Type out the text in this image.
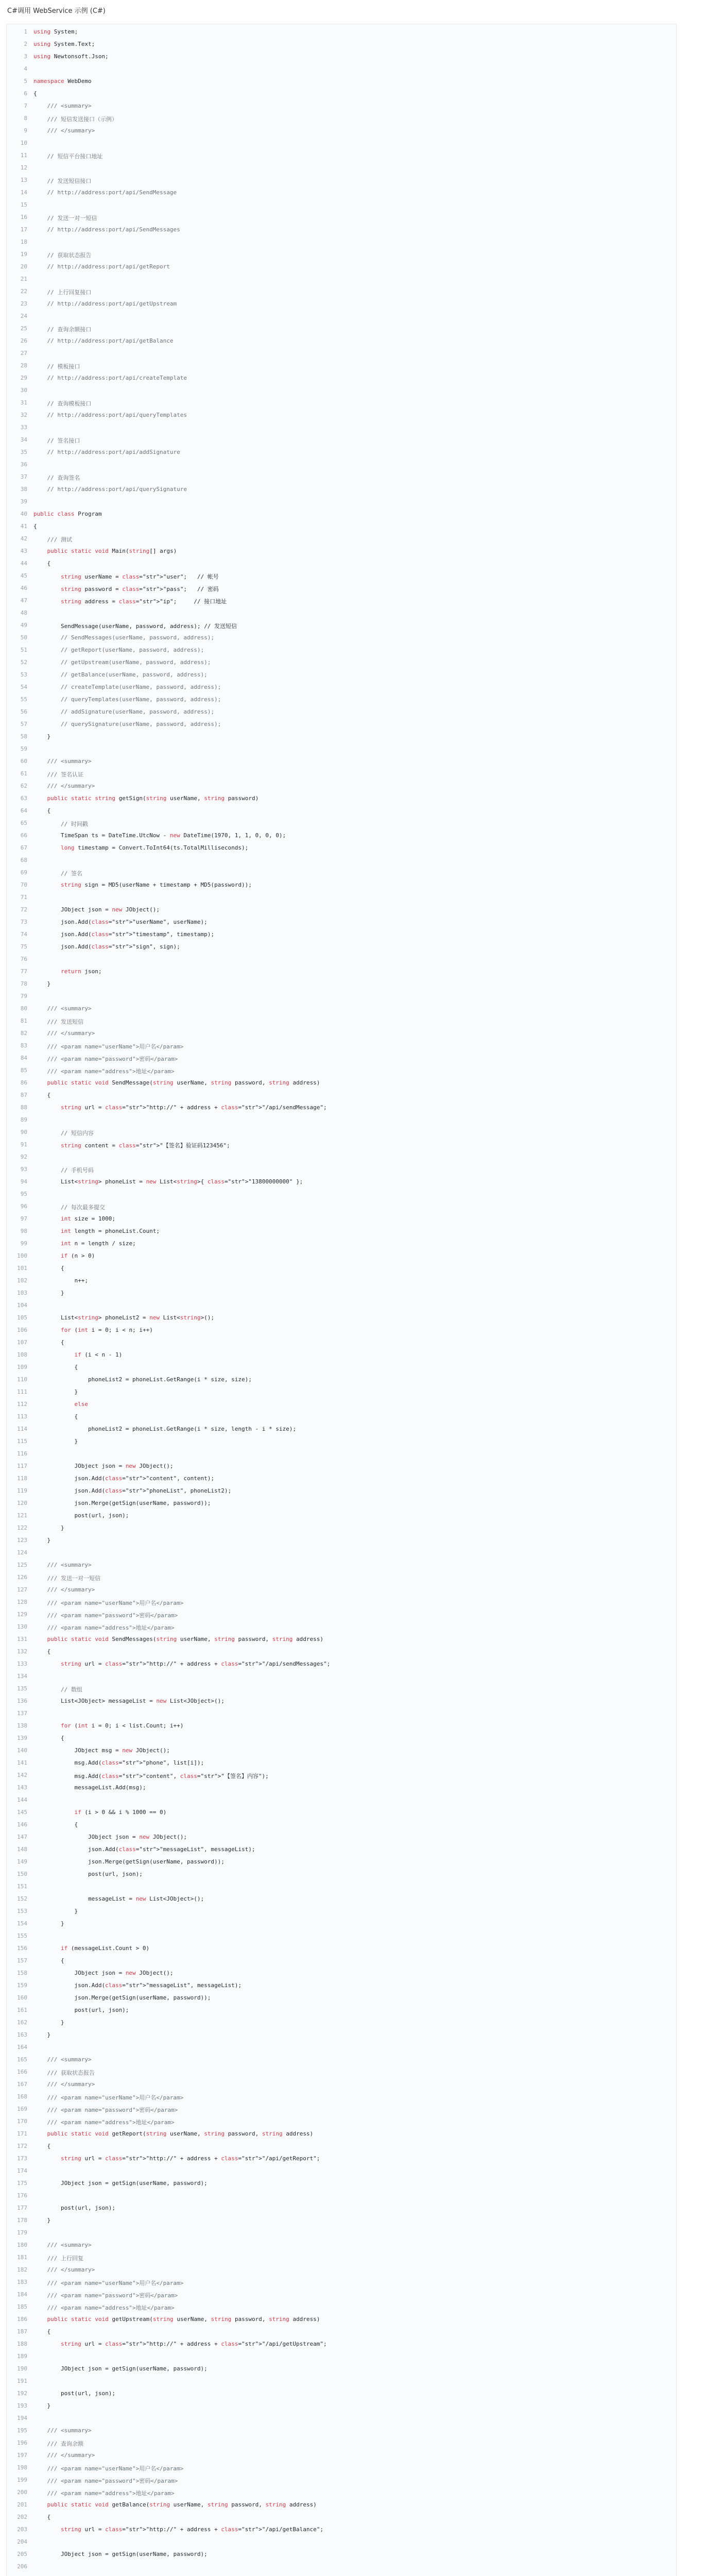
C#调用 WebService 示例 (C#)
1 using System;
2 using System.Text;
3 using Newtonsoft.Json;
4
5 namespace WebDemo
6 {
7 /// <summary>
8 /// 短信发送接口（示例）
9 /// </summary>
10
11 // 短信平台接口地址
12
13 // 发送短信接口
14 // http://address:port/api/SendMessage
15
16 // 发送一对一短信
17 // http://address:port/api/SendMessages
18
19 // 获取状态报告
20 // http://address:port/api/getReport
21
22 // 上行回复接口
23 // http://address:port/api/getUpstream
24
25 // 查询余额接口
26 // http://address:port/api/getBalance
27
28 // 模板接口
29 // http://address:port/api/createTemplate
30
31 // 查询模板接口
32 // http://address:port/api/queryTemplates
33
34 // 签名接口
35 // http://address:port/api/addSignature
36
37 // 查询签名
38 // http://address:port/api/querySignature
39
40 public class Program
41 {
42 /// 测试
43	public static void Main(string[] args)
44 {
45	string userName = class="str">"user";   // 帐号
46	string password = class="str">"pass";   // 密码
47	string address = class="str">"ip";     // 接口地址
48
49 SendMessage(userName, password, address); // 发送短信
50 // SendMessages(userName, password, address);
51 // getReport(userName, password, address);
52 // getUpstream(userName, password, address);
53 // getBalance(userName, password, address);
54 // createTemplate(userName, password, address);
55 // queryTemplates(userName, password, address);
56 // addSignature(userName, password, address);
57 // querySignature(userName, password, address);
58 }
59
60 /// <summary>
61 /// 签名认证
62 /// </summary>
63	public static string getSign(string userName, string password)
64 {
65 // 时间戳
66 TimeSpan ts = DateTime.UtcNow - new DateTime(1970, 1, 1, 0, 0, 0);
67	long timestamp = Convert.ToInt64(ts.TotalMilliseconds);
68
69 // 签名
70	string sign = MD5(userName + timestamp + MD5(password));
71
72 JObject json = new JObject();
73 json.Add(class="str">"userName", userName);
74 json.Add(class="str">"timestamp", timestamp);
75 json.Add(class="str">"sign", sign);
76
77	return json;
78 }
79
80 /// <summary>
81 /// 发送短信
82 /// </summary>
83 /// <param name="userName">用户名</param>
84 /// <param name="password">密码</param>
85 /// <param name="address">地址</param>
86	public static void SendMessage(string userName, string password, string address)
87 {
88	string url = class="str">"http://" + address + class="str">"/api/sendMessage";
89
90 // 短信内容
91	string content = class="str">"【签名】验证码123456";
92
93 // 手机号码
94 List<string> phoneList = new List<string>{ class="str">"13800000000" };
95
96 // 每次最多提交
97	int size = 1000;
98	int length = phoneList.Count;
99	int n = length / size;
100	if (n > 0)
101 {
102 n++;
103 }
104
105 List<string> phoneList2 = new List<string>();
106	for (int i = 0; i < n; i++)
107 {
108	if (i < n - 1)
109 {
110 phoneList2 = phoneList.GetRange(i * size, size);
111 }
112	else
113 {
114 phoneList2 = phoneList.GetRange(i * size, length - i * size);
115 }
116
117 JObject json = new JObject();
118 json.Add(class="str">"content", content);
119 json.Add(class="str">"phoneList", phoneList2);
120 json.Merge(getSign(userName, password));
121 post(url, json);
122 }
123 }
124
125 /// <summary>
126 /// 发送一对一短信
127 /// </summary>
128 /// <param name="userName">用户名</param>
129 /// <param name="password">密码</param>
130 /// <param name="address">地址</param>
131	public static void SendMessages(string userName, string password, string address)
132 {
133	string url = class="str">"http://" + address + class="str">"/api/sendMessages";
134
135 // 数组
136 List<JObject> messageList = new List<JObject>();
137
138	for (int i = 0; i < list.Count; i++)
139 {
140 JObject msg = new JObject();
141 msg.Add(class="str">"phone", list[i]);
142 msg.Add(class="str">"content", class="str">"【签名】内容");
143 messageList.Add(msg);
144
145	if (i > 0 && i % 1000 == 0)
146 {
147 JObject json = new JObject();
148 json.Add(class="str">"messageList", messageList);
149 json.Merge(getSign(userName, password));
150 post(url, json);
151
152 messageList = new List<JObject>();
153 }
154 }
155
156	if (messageList.Count > 0)
157 {
158 JObject json = new JObject();
159 json.Add(class="str">"messageList", messageList);
160 json.Merge(getSign(userName, password));
161 post(url, json);
162 }
163 }
164
165 /// <summary>
166 /// 获取状态报告
167 /// </summary>
168 /// <param name="userName">用户名</param>
169 /// <param name="password">密码</param>
170 /// <param name="address">地址</param>
171	public static void getReport(string userName, string password, string address)
172 {
173	string url = class="str">"http://" + address + class="str">"/api/getReport";
174
175 JObject json = getSign(userName, password);
176
177 post(url, json);
178 }
179
180 /// <summary>
181 /// 上行回复
182 /// </summary>
183 /// <param name="userName">用户名</param>
184 /// <param name="password">密码</param>
185 /// <param name="address">地址</param>
186	public static void getUpstream(string userName, string password, string address)
187 {
188	string url = class="str">"http://" + address + class="str">"/api/getUpstream";
189
190 JObject json = getSign(userName, password);
191
192 post(url, json);
193 }
194
195 /// <summary>
196 /// 查询余额
197 /// </summary>
198 /// <param name="userName">用户名</param>
199 /// <param name="password">密码</param>
200 /// <param name="address">地址</param>
201	public static void getBalance(string userName, string password, string address)
202 {
203	string url = class="str">"http://" + address + class="str">"/api/getBalance";
204
205 JObject json = getSign(userName, password);
206
